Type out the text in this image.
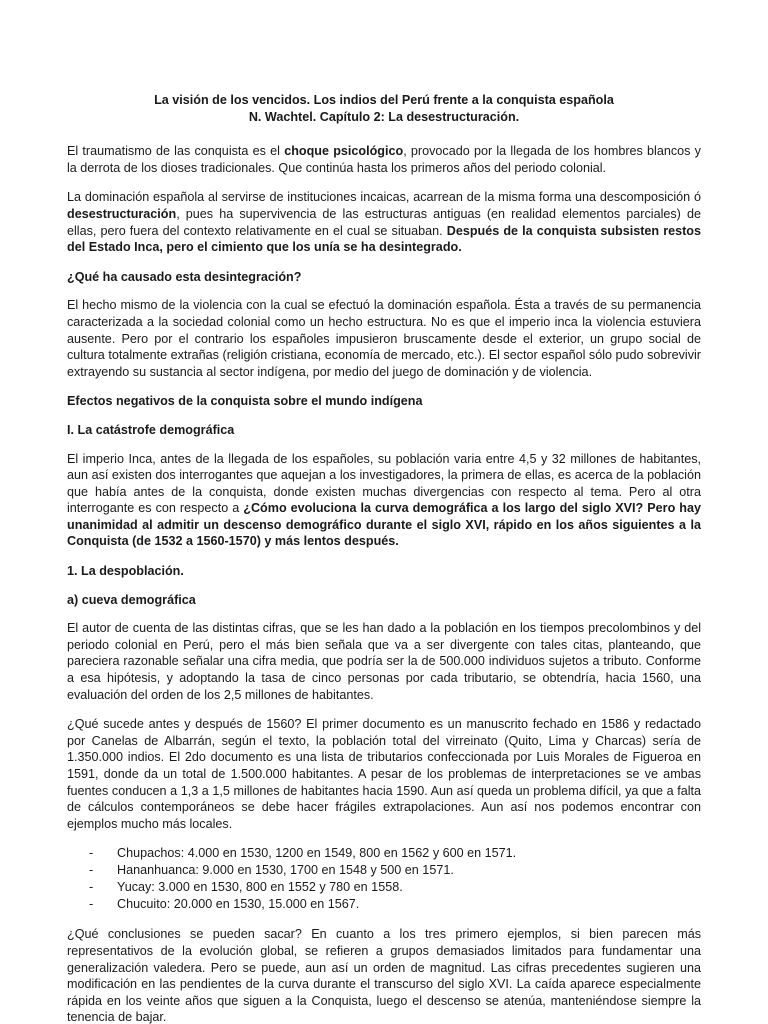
La visión de los vencidos. Los indios del Perú frente a la conquista española
N. Wachtel. Capítulo 2: La desestructuración.

El traumatismo de las conquista es el choque psicológico, provocado por la llegada de los hombres blancos y la derrota de los dioses tradicionales. Que continúa hasta los primeros años del periodo colonial.

La dominación española al servirse de instituciones incaicas, acarrean de la misma forma una descomposición ó desestructuración, pues ha supervivencia de las estructuras antiguas (en realidad elementos parciales) de ellas, pero fuera del contexto relativamente en el cual se situaban. Después de la conquista subsisten restos del Estado Inca, pero el cimiento que los unía se ha desintegrado.

¿Qué ha causado esta desintegración?

El hecho mismo de la violencia con la cual se efectuó la dominación española. Ésta a través de su permanencia caracterizada a la sociedad colonial como un hecho estructura. No es que el imperio inca la violencia estuviera ausente. Pero por el contrario los españoles impusieron bruscamente desde el exterior, un grupo social de cultura totalmente extrañas (religión cristiana, economía de mercado, etc.). El sector español sólo pudo sobrevivir extrayendo su sustancia al sector indígena, por medio del juego de dominación y de violencia.

Efectos negativos de la conquista sobre el mundo indígena

I. La catástrofe demográfica

El imperio Inca, antes de la llegada de los españoles, su población varia entre 4,5 y 32 millones de habitantes, aun así existen dos interrogantes que aquejan a los investigadores, la primera de ellas, es acerca de la población que había antes de la conquista, donde existen muchas divergencias con respecto al tema. Pero al otra interrogante es con respecto a ¿Cómo evoluciona la curva demográfica a los largo del siglo XVI? Pero hay unanimidad al admitir un descenso demográfico durante el siglo XVI, rápido en los años siguientes a la Conquista (de 1532 a 1560-1570) y más lentos después.

1. La despoblación.

a) cueva demográfica

El autor de cuenta de las distintas cifras, que se les han dado a la población en los tiempos precolombinos y del periodo colonial en Perú, pero el más bien señala que va a ser divergente con tales citas, planteando, que pareciera razonable señalar una cifra media, que podría ser la de 500.000 individuos sujetos a tributo. Conforme a esa hipótesis, y adoptando la tasa de cinco personas por cada tributario, se obtendría, hacia 1560, una evaluación del orden de los 2,5 millones de habitantes.

¿Qué sucede antes y después de 1560? El primer documento es un manuscrito fechado en 1586 y redactado por Canelas de Albarrán, según el texto, la población total del virreinato (Quito, Lima y Charcas) sería de 1.350.000 indios. El 2do documento es una lista de tributarios confeccionada por Luis Morales de Figueroa en 1591, donde da un total de 1.500.000 habitantes. A pesar de los problemas de interpretaciones se ve ambas fuentes conducen a 1,3 a 1,5 millones de habitantes hacia 1590. Aun así queda un problema difícil, ya que a falta de cálculos contemporáneos se debe hacer frágiles extrapolaciones. Aun así nos podemos encontrar con ejemplos mucho más locales.

- Chupachos: 4.000 en 1530, 1200 en 1549, 800 en 1562 y 600 en 1571.
- Hananhuanca: 9.000 en 1530, 1700 en 1548 y 500 en 1571.
- Yucay: 3.000 en 1530, 800 en 1552 y 780 en 1558.
- Chucuito: 20.000 en 1530, 15.000 en 1567.

¿Qué conclusiones se pueden sacar? En cuanto a los tres primero ejemplos, si bien parecen más representativos de la evolución global, se refieren a grupos demasiados limitados para fundamentar una generalización valedera. Pero se puede, aun así un orden de magnitud. Las cifras precedentes sugieren una modificación en las pendientes de la curva durante el transcurso del siglo XVI. La caída aparece especialmente rápida en los veinte años que siguen a la Conquista, luego el descenso se atenúa, manteniéndose siempre la tenencia de bajar.
